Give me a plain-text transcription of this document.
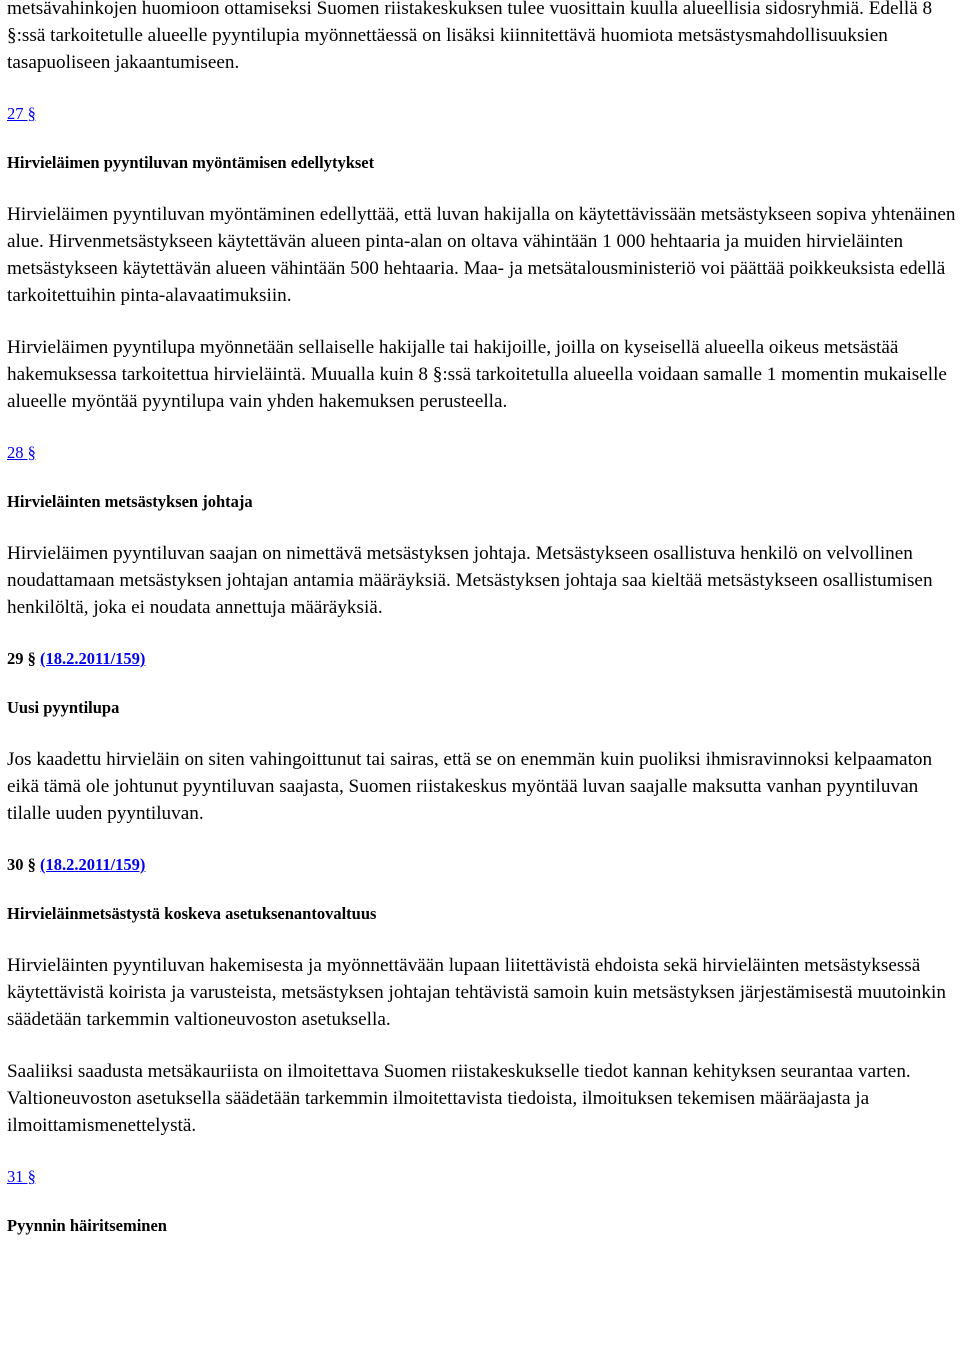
metsävahinkojen huomioon ottamiseksi Suomen riistakeskuksen tulee vuosittain kuulla alueellisia sidosryhmiä. Edellä 8 §:ssä tarkoitetulle alueelle pyyntilupia myönnettäessä on lisäksi kiinnitettävä huomiota metsästysmahdollisuuksien tasapuoliseen jakaantumiseen.

27 §
Hirvieläimen pyyntiluvan myöntämisen edellytykset

Hirvieläimen pyyntiluvan myöntäminen edellyttää, että luvan hakijalla on käytettävissään metsästykseen sopiva yhtenäinen alue. Hirvenmetsästykseen käytettävän alueen pinta-alan on oltava vähintään 1 000 hehtaaria ja muiden hirvieläinten metsästykseen käytettävän alueen vähintään 500 hehtaaria. Maa- ja metsätalousministeriö voi päättää poikkeuksista edellä tarkoitettuihin pinta-alavaatimuksiin.

Hirvieläimen pyyntilupa myönnetään sellaiselle hakijalle tai hakijoille, joilla on kyseisellä alueella oikeus metsästää hakemuksessa tarkoitettua hirvieläintä. Muualla kuin 8 §:ssä tarkoitetulla alueella voidaan samalle 1 momentin mukaiselle alueelle myöntää pyyntilupa vain yhden hakemuksen perusteella.

28 §
Hirvieläinten metsästyksen johtaja

Hirvieläimen pyyntiluvan saajan on nimettävä metsästyksen johtaja. Metsästykseen osallistuva henkilö on velvollinen noudattamaan metsästyksen johtajan antamia määräyksiä. Metsästyksen johtaja saa kieltää metsästykseen osallistumisen henkilöltä, joka ei noudata annettuja määräyksiä.

29 § (18.2.2011/159)
Uusi pyyntilupa

Jos kaadettu hirvieläin on siten vahingoittunut tai sairas, että se on enemmän kuin puoliksi ihmisravinnoksi kelpaamaton eikä tämä ole johtunut pyyntiluvan saajasta, Suomen riistakeskus myöntää luvan saajalle maksutta vanhan pyyntiluvan tilalle uuden pyyntiluvan.

30 § (18.2.2011/159)
Hirvieläinmetsästystä koskeva asetuksenantovaltuus

Hirvieläinten pyyntiluvan hakemisesta ja myönnettävään lupaan liitettävistä ehdoista sekä hirvieläinten metsästyksessä käytettävistä koirista ja varusteista, metsästyksen johtajan tehtävistä samoin kuin metsästyksen järjestämisestä muutoinkin säädetään tarkemmin valtioneuvoston asetuksella.

Saaliiksi saadusta metsäkauriista on ilmoitettava Suomen riistakeskukselle tiedot kannan kehityksen seurantaa varten. Valtioneuvoston asetuksella säädetään tarkemmin ilmoitettavista tiedoista, ilmoituksen tekemisen määräajasta ja ilmoittamismenettelystä.

31 §
Pyynnin häiritseminen
